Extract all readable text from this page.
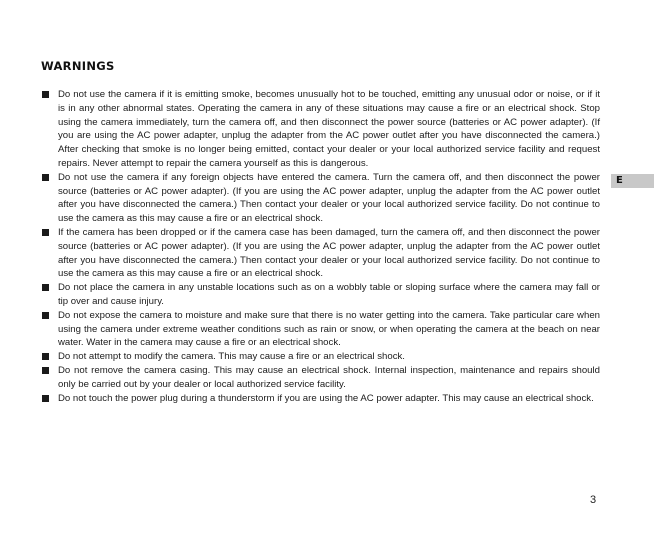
WARNINGS
Do not use the camera if it is emitting smoke, becomes unusually hot to be touched, emitting any unusual odor or noise, or if it is in any other abnormal states. Operating the camera in any of these situations may cause a fire or an electrical shock. Stop using the camera immediately, turn the camera off, and then disconnect the power source (batteries or AC power adapter). (If you are using the AC power adapter, unplug the adapter from the AC power outlet after you have disconnected the camera.) After checking that smoke is no longer being emitted, contact your dealer or your local authorized service facility and request repairs. Never attempt to repair the camera yourself as this is dangerous.
Do not use the camera if any foreign objects have entered the camera. Turn the camera off, and then disconnect the power source (batteries or AC power adapter). (If you are using the AC power adapter, unplug the adapter from the AC power outlet after you have disconnected the camera.) Then contact your dealer or your local authorized service facility. Do not continue to use the camera as this may cause a fire or an electrical shock.
If the camera has been dropped or if the camera case has been damaged, turn the camera off, and then disconnect the power source (batteries or AC power adapter). (If you are using the AC power adapter, unplug the adapter from the AC power outlet after you have disconnected the camera.) Then contact your dealer or your local authorized service facility. Do not continue to use the camera as this may cause a fire or an electrical shock.
Do not place the camera in any unstable locations such as on a wobbly table or sloping surface where the camera may fall or tip over and cause injury.
Do not expose the camera to moisture and make sure that there is no water getting into the camera. Take particular care when using the camera under extreme weather conditions such as rain or snow, or when operating the camera at the beach on near water. Water in the camera may cause a fire or an electrical shock.
Do not attempt to modify the camera. This may cause a fire or an electrical shock.
Do not remove the camera casing. This may cause an electrical shock. Internal inspection, maintenance and repairs should only be carried out by your dealer or local authorized service facility.
Do not touch the power plug during a thunderstorm if you are using the AC power adapter. This may cause an electrical shock.
E
3
